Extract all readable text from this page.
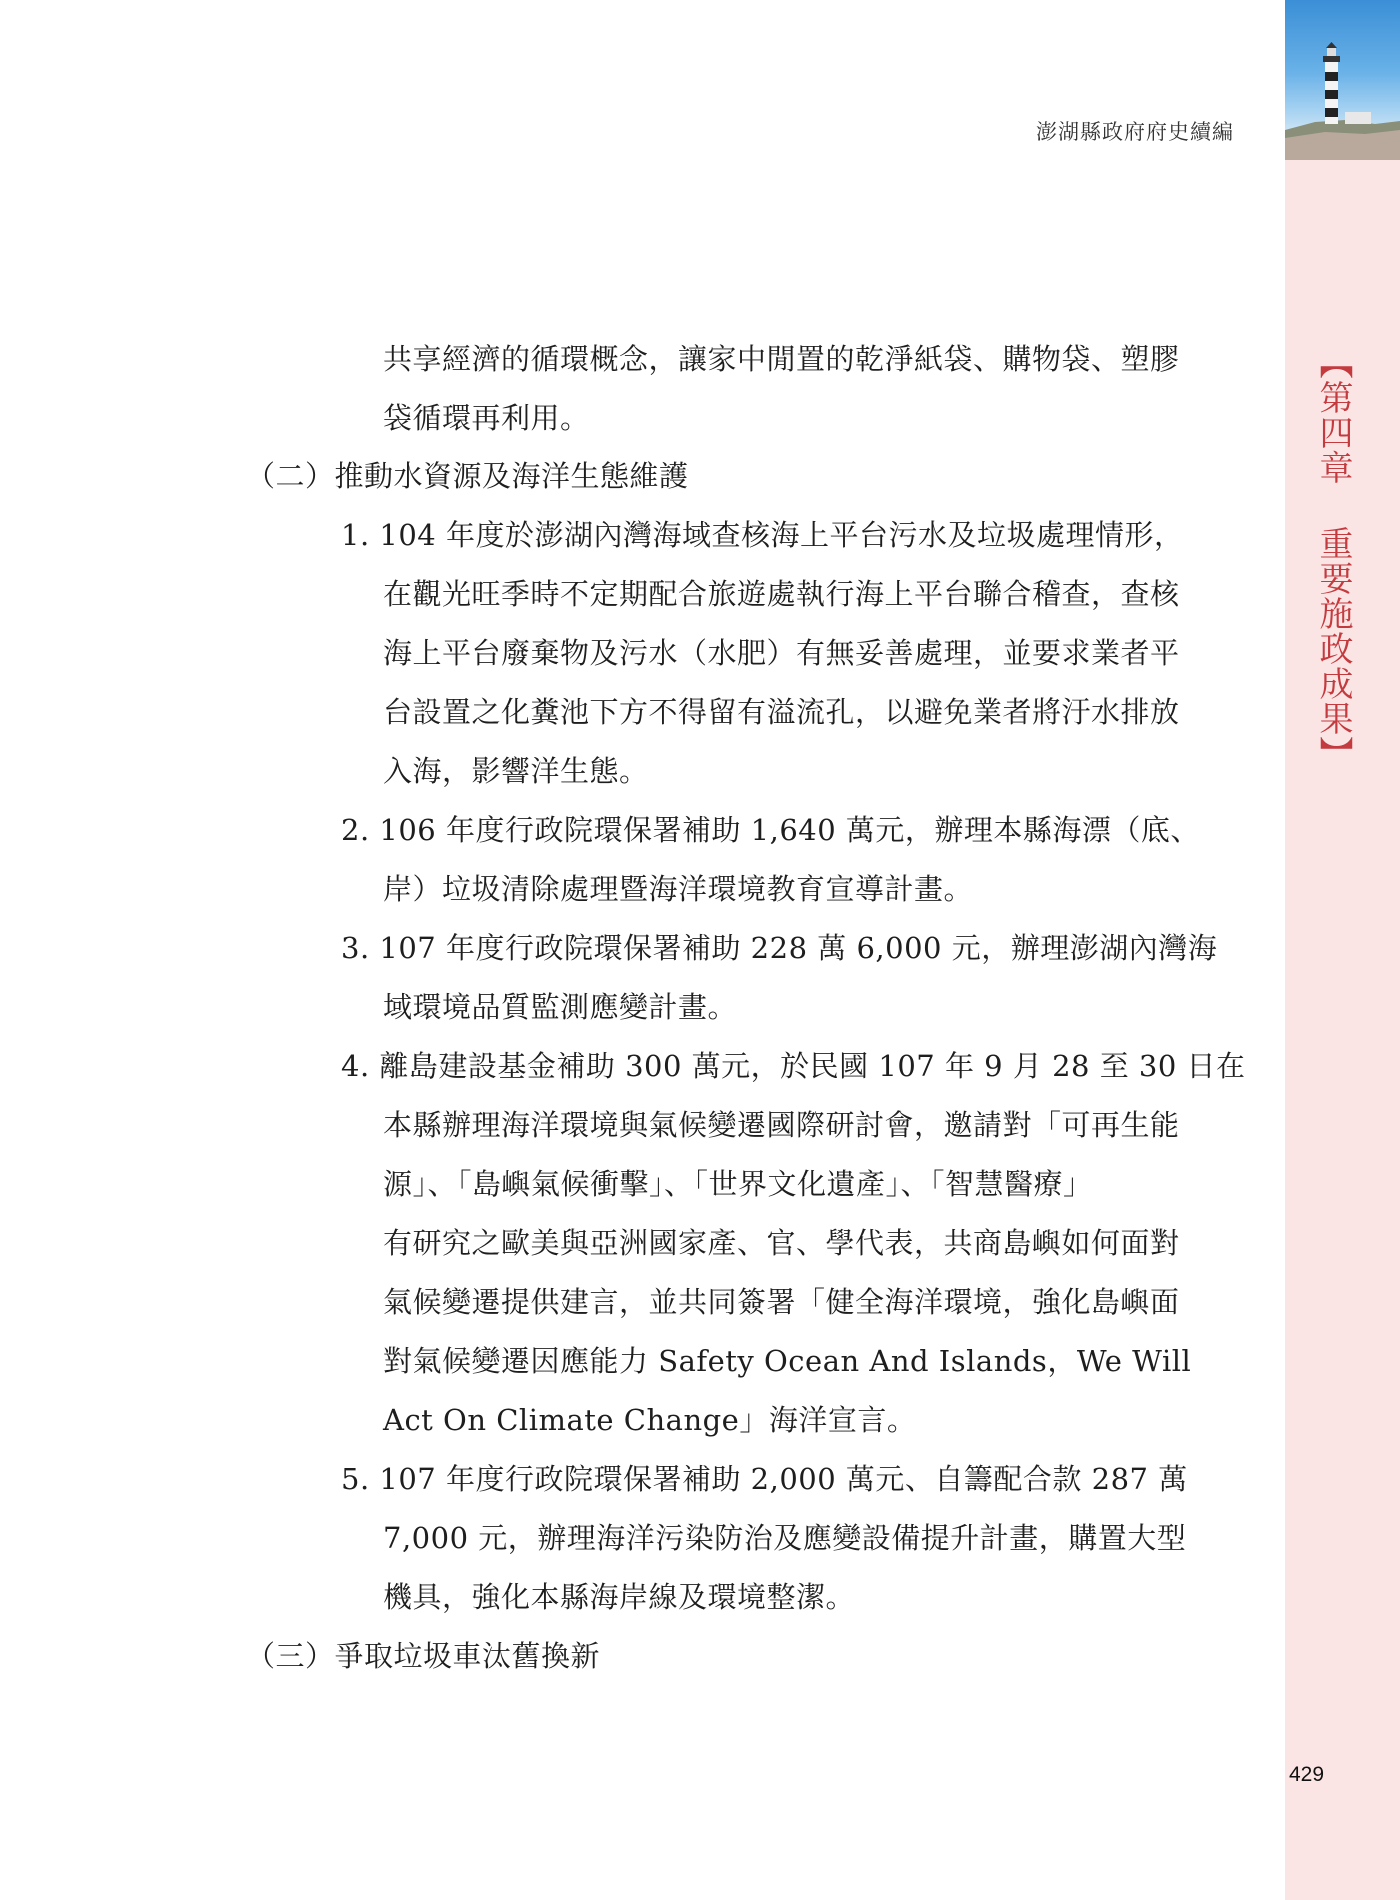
【第四章 重要施政成果】
澎湖縣政府府史續編
429
共享經濟的循環概念，讓家中閒置的乾淨紙袋、購物袋、塑膠
袋循環再利用。
（二）推動水資源及海洋生態維護
1. 104 年度於澎湖內灣海域查核海上平台污水及垃圾處理情形，
在觀光旺季時不定期配合旅遊處執行海上平台聯合稽查，查核
海上平台廢棄物及污水（水肥）有無妥善處理，並要求業者平
台設置之化糞池下方不得留有溢流孔，以避免業者將汙水排放
入海，影響洋生態。
2. 106 年度行政院環保署補助 1,640 萬元，辦理本縣海漂（底、
岸）垃圾清除處理暨海洋環境教育宣導計畫。
3. 107 年度行政院環保署補助 228 萬 6,000 元，辦理澎湖內灣海
域環境品質監測應變計畫。
4. 離島建設基金補助 300 萬元，於民國 107 年 9 月 28 至 30 日在
本縣辦理海洋環境與氣候變遷國際研討會，邀請對「可再生能
源」、「島嶼氣候衝擊」、「世界文化遺產」、「智慧醫療」
有研究之歐美與亞洲國家產、官、學代表，共商島嶼如何面對
氣候變遷提供建言，並共同簽署「健全海洋環境，強化島嶼面
對氣候變遷因應能力 Safety Ocean And Islands，We Will
Act On Climate Change」海洋宣言。
5. 107 年度行政院環保署補助 2,000 萬元、自籌配合款 287 萬
7,000 元，辦理海洋污染防治及應變設備提升計畫，購置大型
機具，強化本縣海岸線及環境整潔。
（三）爭取垃圾車汰舊換新
